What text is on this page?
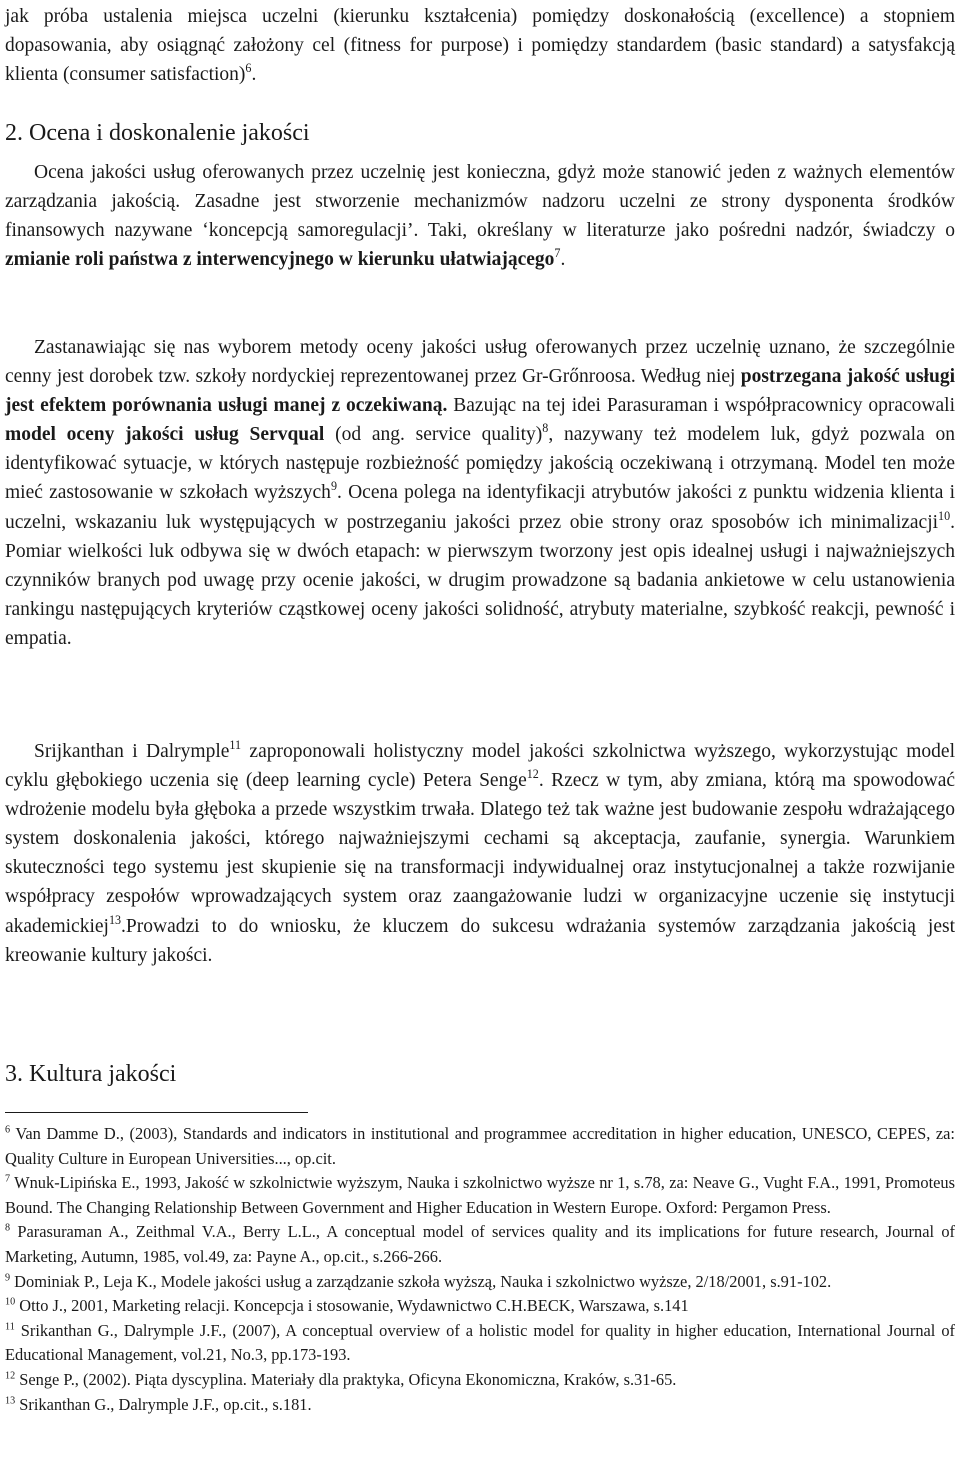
jak próba ustalenia miejsca uczelni (kierunku kształcenia) pomiędzy doskonałością (excellence) a stopniem dopasowania, aby osiągnąć założony cel (fitness for purpose) i pomiędzy standardem (basic standard) a satysfakcją klienta (consumer satisfaction)$^6$.

2. Ocena i doskonalenie jakości

Ocena jakości usług oferowanych przez uczelnię jest konieczna, gdyż może stanowić jeden z ważnych elementów zarządzania jakością. Zasadne jest stworzenie mechanizmów nadzoru uczelni ze strony dysponenta środków finansowych nazywane ‘koncepcją samoregulacji’. Taki, określany w literaturze jako pośredni nadzór, świadczy o zmianie roli państwa z interwencyjnego w kierunku ułatwiającego$^7$.

Zastanawiając się nas wyborem metody oceny jakości usług oferowanych przez uczelnię uznano, że szczególnie cenny jest dorobek tzw. szkoły nordyckiej reprezentowanej przez Gr-Grőnroosa. Według niej postrzegana jakość usługi jest efektem porównania usługi manej z oczekiwaną. Bazując na tej idei Parasuraman i współpracownicy opracowali model oceny jakości usług Servqual (od ang. service quality)$^8$, nazywany też modelem luk, gdyż pozwala on identyfikować sytuacje, w których następuje rozbieżność pomiędzy jakością oczekiwaną i otrzymaną. Model ten może mieć zastosowanie w szkołach wyższych$^9$. Ocena polega na identyfikacji atrybutów jakości z punktu widzenia klienta i uczelni, wskazaniu luk występujących w postrzeganiu jakości przez obie strony oraz sposobów ich minimalizacji$^{10}$. Pomiar wielkości luk odbywa się w dwóch etapach: w pierwszym tworzony jest opis idealnej usługi i najważniejszych czynników branych pod uwagę przy ocenie jakości, w drugim prowadzone są badania ankietowe w celu ustanowienia rankingu następujących kryteriów cząstkowej oceny jakości solidność, atrybuty materialne, szybkość reakcji, pewność i empatia.

Srijkanthan i Dalrymple$^{11}$ zaproponowali holistyczny model jakości szkolnictwa wyższego, wykorzystując model cyklu głębokiego uczenia się (deep learning cycle) Petera Senge$^{12}$. Rzecz w tym, aby zmiana, którą ma spowodować wdrożenie modelu była głęboka a przede wszystkim trwała. Dlatego też tak ważne jest budowanie zespołu wdrażającego system doskonalenia jakości, którego najważniejszymi cechami są akceptacja, zaufanie, synergia. Warunkiem skuteczności tego systemu jest skupienie się na transformacji indywidualnej oraz instytucjonalnej a także rozwijanie współpracy zespołów wprowadzających system oraz zaangażowanie ludzi w organizacyjne uczenie się instytucji akademickiej$^{13}$.Prowadzi to do wniosku, że kluczem do sukcesu wdrażania systemów zarządzania jakością jest kreowanie kultury jakości.

3. Kultura jakości

$^6$ Van Damme D., (2003), Standards and indicators in institutional and programmee accreditation in higher education, UNESCO, CEPES, za: Quality Culture in European Universities..., op.cit.

$^7$ Wnuk-Lipińska E., 1993, Jakość w szkolnictwie wyższym, Nauka i szkolnictwo wyższe nr 1, s.78, za: Neave G., Vught F.A., 1991, Promoteus Bound. The Changing Relationship Between Government and Higher Education in Western Europe. Oxford: Pergamon Press.

$^8$ Parasuraman A., Zeithmal V.A., Berry L.L., A conceptual model of services quality and its implications for future research, Journal of Marketing, Autumn, 1985, vol.49, za: Payne A., op.cit., s.266-266.

$^9$ Dominiak P., Leja K., Modele jakości usług a zarządzanie szkoła wyższą, Nauka i szkolnictwo wyższe, 2/18/2001, s.91-102.

$^{10}$ Otto J., 2001, Marketing relacji. Koncepcja i stosowanie, Wydawnictwo C.H.BECK, Warszawa, s.141

$^{11}$ Srikanthan G., Dalrymple J.F., (2007), A conceptual overview of a holistic model for quality in higher education, International Journal of Educational Management, vol.21, No.3, pp.173-193.

$^{12}$ Senge P., (2002). Piąta dyscyplina. Materiały dla praktyka, Oficyna Ekonomiczna, Kraków, s.31-65.

$^{13}$ Srikanthan G., Dalrymple J.F., op.cit., s.181.
